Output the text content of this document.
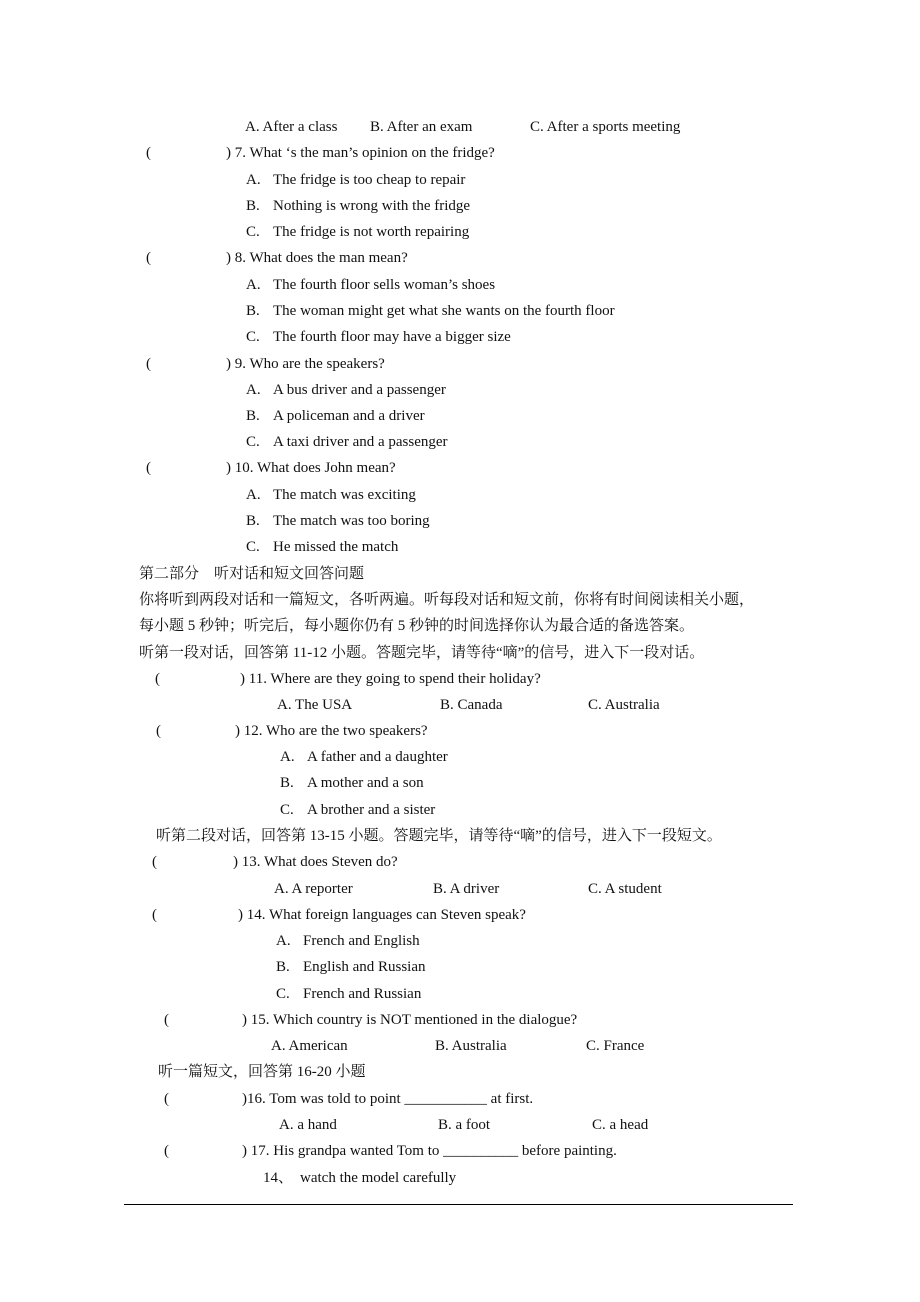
A. After a class B. After an exam	C. After a sports meeting
(	) 7. What ‘s the man’s opinion on the fridge?
A. The fridge is too cheap to repair
B. Nothing is wrong with the fridge
C. The fridge is not worth repairing
(	) 8. What does the man mean?
A. The fourth floor sells woman’s shoes
B. The woman might get what she wants on the fourth floor
C. The fourth floor may have a bigger size
(	) 9. Who are the speakers?
A. A bus driver and a passenger
B. A policeman and a driver
C. A taxi driver and a passenger
(	) 10. What does John mean?
A. The match was exciting
B. The match was too boring
C. He missed the match
第二部分　听对话和短文回答问题
你将听到两段对话和一篇短文，各听两遍。听每段对话和短文前，你将有时间阅读相关小题，
每小题 5 秒钟；听完后，每小题你仍有 5 秒钟的时间选择你认为最合适的备选答案。
听第一段对话，回答第 11-12 小题。答题完毕，请等待“嘀”的信号，进入下一段对话。
(	) 11. Where are they going to spend their holiday?
A. The USA	B. Canada	C. Australia
(	) 12. Who are the two speakers?
A. A father and a daughter
B. A mother and a son
C. A brother and a sister
听第二段对话，回答第 13-15 小题。答题完毕，请等待“嘀”的信号，进入下一段短文。
(	) 13. What does Steven do?
A. A reporter	B. A driver	C. A student
(	) 14. What foreign languages can Steven speak?
A. French and English
B. English and Russian
C. French and Russian
(	) 15. Which country is NOT mentioned in the dialogue?
A. American	B. Australia	C. France
听一篇短文，回答第 16-20 小题
(	)16. Tom was told to point ___________ at first.
A. a hand	B. a foot	C. a head
(	) 17. His grandpa wanted Tom to __________ before painting.
14、 watch the model carefully
